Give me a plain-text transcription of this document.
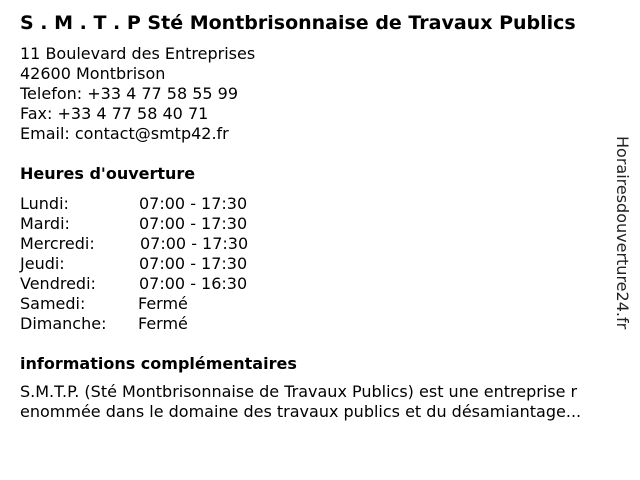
S . M . T . P Sté Montbrisonnaise de Travaux Publics
11 Boulevard des Entreprises
42600 Montbrison
Telefon: +33 4 77 58 55 99
Fax: +33 4 77 58 40 71
Email: contact@smtp42.fr
Heures d'ouverture
Lundi:	07:00 - 17:30
Mardi:	07:00 - 17:30
Mercredi:	07:00 - 17:30
Jeudi:	07:00 - 17:30
Vendredi:	07:00 - 16:30
Samedi:	Fermé
Dimanche:	Fermé
informations complémentaires
S.M.T.P. (Sté Montbrisonnaise de Travaux Publics) est une entreprise r
enommée dans le domaine des travaux publics et du désamiantage...
Horairesdouverture24.fr
